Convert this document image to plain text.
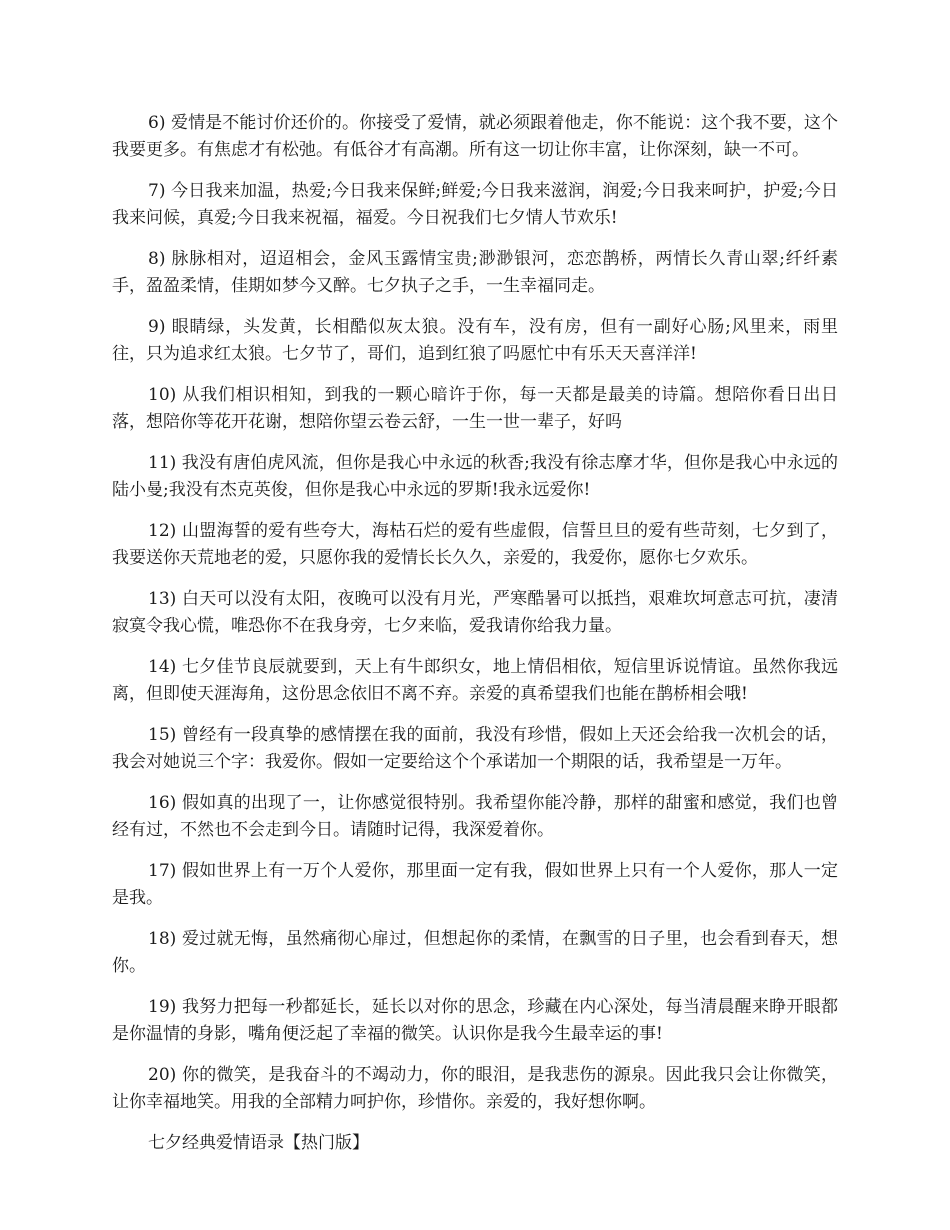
6) 爱情是不能讨价还价的。你接受了爱情，就必须跟着他走，你不能说：这个我不要，这个我要更多。有焦虑才有松弛。有低谷才有高潮。所有这一切让你丰富，让你深刻，缺一不可。

7) 今日我来加温，热爱;今日我来保鲜;鲜爱;今日我来滋润，润爱;今日我来呵护，护爱;今日我来问候，真爱;今日我来祝福，福爱。今日祝我们七夕情人节欢乐!

8) 脉脉相对，迢迢相会，金风玉露情宝贵;渺渺银河，恋恋鹊桥，两情长久青山翠;纤纤素手，盈盈柔情，佳期如梦今又醉。七夕执子之手，一生幸福同走。

9) 眼睛绿，头发黄，长相酷似灰太狼。没有车，没有房，但有一副好心肠;风里来，雨里往，只为追求红太狼。七夕节了，哥们，追到红狼了吗愿忙中有乐天天喜洋洋!

10) 从我们相识相知，到我的一颗心暗许于你，每一天都是最美的诗篇。想陪你看日出日落，想陪你等花开花谢，想陪你望云卷云舒，一生一世一辈子，好吗

11) 我没有唐伯虎风流，但你是我心中永远的秋香;我没有徐志摩才华，但你是我心中永远的陆小曼;我没有杰克英俊，但你是我心中永远的罗斯!我永远爱你!

12) 山盟海誓的爱有些夸大，海枯石烂的爱有些虚假，信誓旦旦的爱有些苛刻，七夕到了，我要送你天荒地老的爱，只愿你我的爱情长长久久，亲爱的，我爱你，愿你七夕欢乐。

13) 白天可以没有太阳，夜晚可以没有月光，严寒酷暑可以抵挡，艰难坎坷意志可抗，凄清寂寞令我心慌，唯恐你不在我身旁，七夕来临，爱我请你给我力量。

14) 七夕佳节良辰就要到，天上有牛郎织女，地上情侣相依，短信里诉说情谊。虽然你我远离，但即使天涯海角，这份思念依旧不离不弃。亲爱的真希望我们也能在鹊桥相会哦!

15) 曾经有一段真挚的感情摆在我的面前，我没有珍惜，假如上天还会给我一次机会的话，我会对她说三个字：我爱你。假如一定要给这个个承诺加一个期限的话，我希望是一万年。

16) 假如真的出现了一，让你感觉很特别。我希望你能冷静，那样的甜蜜和感觉，我们也曾经有过，不然也不会走到今日。请随时记得，我深爱着你。

17) 假如世界上有一万个人爱你，那里面一定有我，假如世界上只有一个人爱你，那人一定是我。

18) 爱过就无悔，虽然痛彻心扉过，但想起你的柔情，在飘雪的日子里，也会看到春天，想你。

19) 我努力把每一秒都延长，延长以对你的思念，珍藏在内心深处，每当清晨醒来睁开眼都是你温情的身影，嘴角便泛起了幸福的微笑。认识你是我今生最幸运的事!

20) 你的微笑，是我奋斗的不竭动力，你的眼泪，是我悲伤的源泉。因此我只会让你微笑，让你幸福地笑。用我的全部精力呵护你，珍惜你。亲爱的，我好想你啊。

七夕经典爱情语录【热门版】
